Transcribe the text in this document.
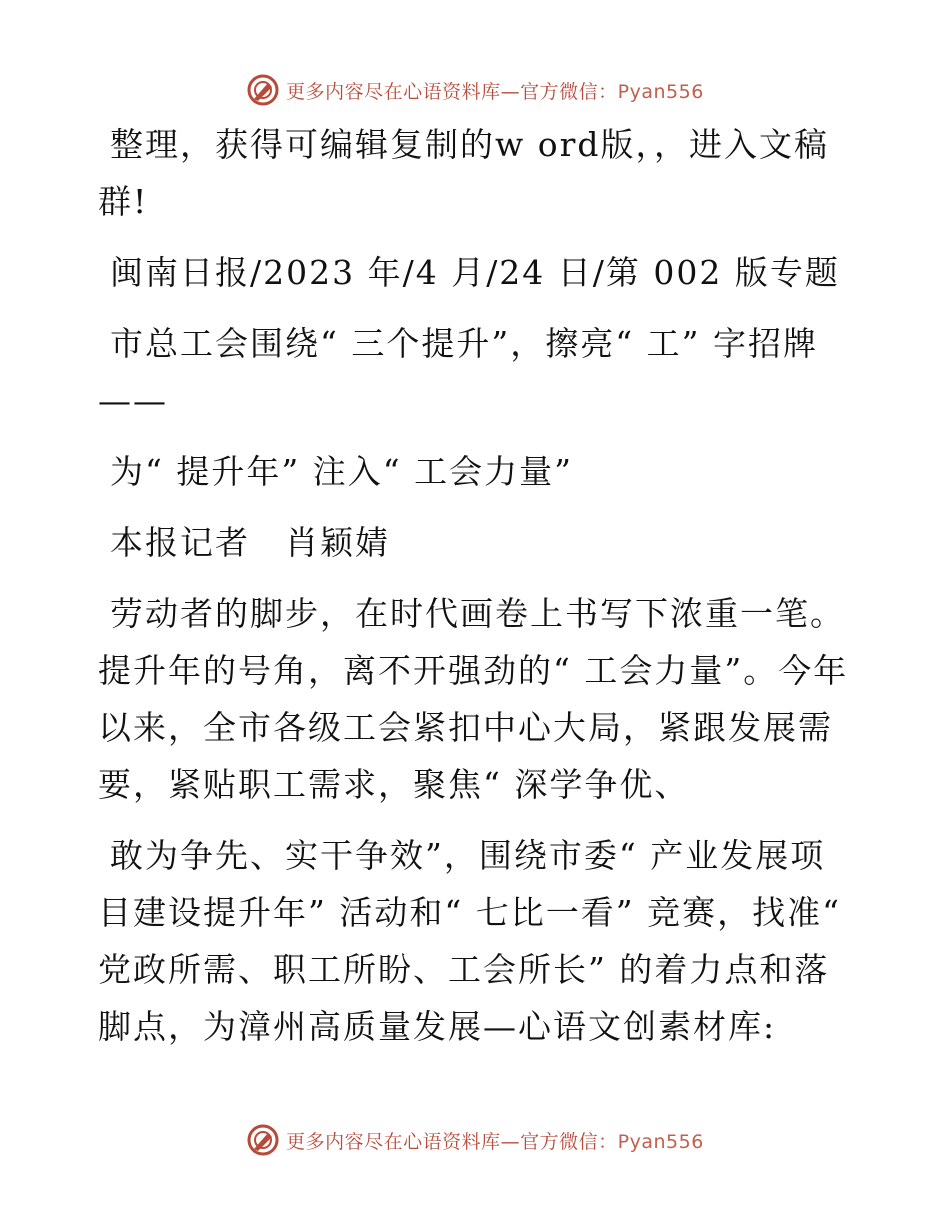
更多内容尽在心语资料库—官方微信：Pyan556

整理，获得可编辑复制的w ord版，，进入文稿群!

闽南日报/2023 年/4 月/24 日/第 002 版专题

市总工会围绕“ 三个提升”，擦亮“ 工” 字招牌——

为“ 提升年” 注入“ 工会力量”

本报记者　肖颖婧

劳动者的脚步，在时代画卷上书写下浓重一笔。提升年的号角，离不开强劲的“ 工会力量”。今年以来，全市各级工会紧扣中心大局，紧跟发展需要，紧贴职工需求，聚焦“ 深学争优、

敢为争先、实干争效”，围绕市委“ 产业发展项目建设提升年” 活动和“ 七比一看” 竞赛，找准“ 党政所需、职工所盼、工会所长” 的着力点和落脚点，为漳州高质量发展—心语文创素材库:

更多内容尽在心语资料库—官方微信：Pyan556
